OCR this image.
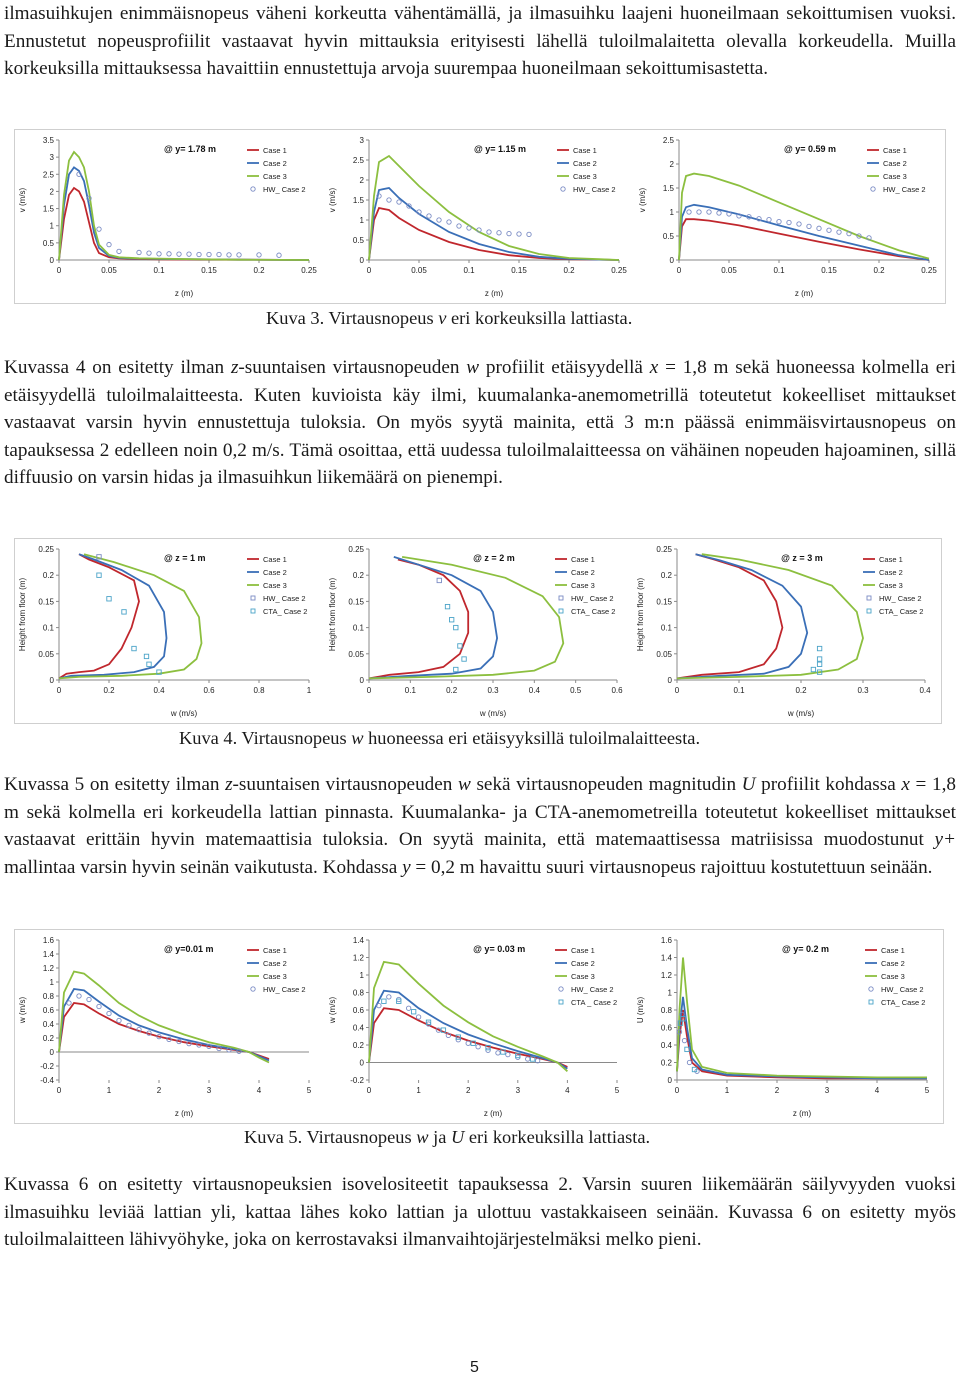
ilmasuihkujen enimmäisnopeus väheni korkeutta vähentämällä, ja ilmasuihku laajeni huoneilmaan sekoittumisen vuoksi. Ennustetut nopeusprofiilit vastaavat hyvin mittauksia erityisesti lähellä tuloilmalaitetta olevalla korkeudella. Muilla korkeuksilla mittauksessa havaittiin ennustettuja arvoja suurempaa huoneilmaan sekoittumisastetta.

0
0.5
1
1.5
2
2.5
3
3.5
0	0.05	0.1	0.15	0.2	0.25
z (m)
v (m/s)
@ y= 1.78 m	Case 1
Case 2
Case 3
HW_ Case 2
0
0.5
1
1.5
2
2.5
3
0	0.05	0.1	0.15	0.2	0.25
z (m)
v (m/s)
@ y= 1.15 m	Case 1
Case 2
Case 3
HW_ Case 2
0
0.5
1
1.5
2
2.5
0	0.05	0.1	0.15	0.2	0.25
z (m)
v (m/s)
@ y= 0.59 m	Case 1
Case 2
Case 3
HW_ Case 2
Kuva 3. Virtausnopeus v eri korkeuksilla lattiasta.

Kuvassa 4 on esitetty ilman z-suuntaisen virtausnopeuden w profiilit etäisyydellä x = 1,8 m sekä huoneessa kolmella eri etäisyydellä tuloilmalaitteesta. Kuten kuvioista käy ilmi, kuumalanka-anemometrillä toteutetut kokeelliset mittaukset vastaavat varsin hyvin ennustettuja tuloksia. On myös syytä mainita, että 3 m:n päässä enimmäisvirtausnopeus on tapauksessa 2 edelleen noin 0,2 m/s. Tämä osoittaa, että uudessa tuloilmalaitteessa on vähäinen nopeuden hajoaminen, sillä diffuusio on varsin hidas ja ilmasuihkun liikemäärä on pienempi.

0
0.05
0.1
0.15
0.2
0.25
0	0.2	0.4	0.6	0.8	1
w (m/s)
Height from floor (m)
@ z = 1 m	Case 1
Case 2
Case 3
HW_ Case 2
CTA_ Case 2
0
0.05
0.1
0.15
0.2
0.25
0	0.1	0.2	0.3	0.4	0.5	0.6
w (m/s)
Height from floor (m)
@ z = 2 m	Case 1
Case 2
Case 3
HW_ Case 2
CTA_ Case 2
0
0.05
0.1
0.15
0.2
0.25
0	0.1	0.2	0.3	0.4
w (m/s)
Height from floor (m)
@ z = 3 m	Case 1
Case 2
Case 3
HW_ Case 2
CTA_ Case 2
Kuva 4. Virtausnopeus w huoneessa eri etäisyyksillä tuloilmalaitteesta.

Kuvassa 5 on esitetty ilman z-suuntaisen virtausnopeuden w sekä virtausnopeuden magnitudin U profiilit kohdassa x = 1,8 m sekä kolmella eri korkeudella lattian pinnasta. Kuumalanka- ja CTA-anemometreilla toteutetut kokeelliset mittaukset vastaavat erittäin hyvin matemaattisia tuloksia. On syytä mainita, että matemaattisessa matriisissa muodostunut y+ mallintaa varsin hyvin seinän vaikutusta. Kohdassa y = 0,2 m havaittu suuri virtausnopeus rajoittuu kostutettuun seinään.

-0.4
-0.2
0
0.2
0.4
0.6
0.8
1
1.2
1.4
1.6
0	1	2	3	4	5
z (m)
w (m/s)
@ y=0.01 m	Case 1
Case 2
Case 3
HW_ Case 2
-0.2
0
0.2
0.4
0.6
0.8
1
1.2
1.4
0	1	2	3	4	5
z (m)
w (m/s)
@ y= 0.03 m	Case 1
Case 2
Case 3
HW_ Case 2
CTA _ Case 2
0
0.2
0.4
0.6
0.8
1
1.2
1.4
1.6
0	1	2	3	4	5
z (m)
U (m/s)
@ y= 0.2 m	Case 1
Case 2
Case 3
HW_ Case 2
CTA_ Case 2
Kuva 5. Virtausnopeus w ja U eri korkeuksilla lattiasta.

Kuvassa 6 on esitetty virtausnopeuksien isovelositeetit tapauksessa 2. Varsin suuren liikemäärän säilyvyyden vuoksi ilmasuihku leviää lattian yli, kattaa lähes koko lattian ja ulottuu vastakkaiseen seinään. Kuvassa 6 on esitetty myös tuloilmalaitteen lähivyöhyke, joka on kerrostavaksi ilmanvaihtojärjestelmäksi melko pieni.

5
